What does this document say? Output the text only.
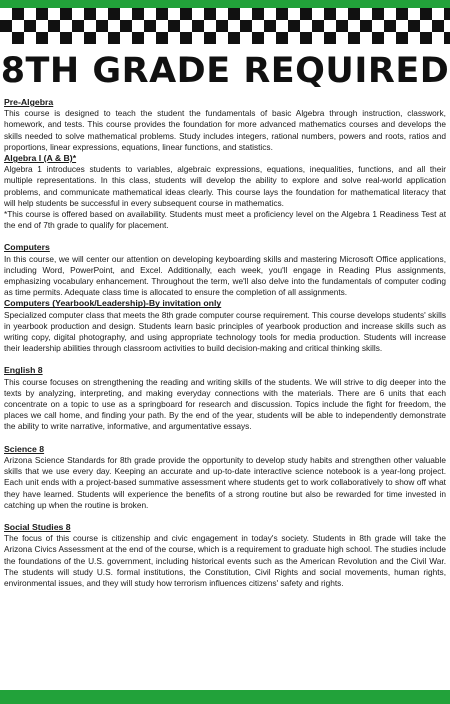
8TH GRADE REQUIRED
Pre-Algebra
This course is designed to teach the student the fundamentals of basic Algebra through instruction, classwork, homework, and tests. This course provides the foundation for more advanced mathematics courses and develops the skills needed to solve mathematical problems. Study includes integers, rational numbers, powers and roots, ratios and proportions, linear expressions, equations, linear functions, and statistics.
Algebra I (A & B)*
Algebra 1 introduces students to variables, algebraic expressions, equations, inequalities, functions, and all their multiple representations. In this class, students will develop the ability to explore and solve real-world application problems, and communicate mathematical ideas clearly. This course lays the foundation for mathematical literacy that will help students be successful in every subsequent course in mathematics.
*This course is offered based on availability. Students must meet a proficiency level on the Algebra 1 Readiness Test at the end of 7th grade to qualify for placement.
Computers
In this course, we will center our attention on developing keyboarding skills and mastering Microsoft Office applications, including Word, PowerPoint, and Excel. Additionally, each week, you'll engage in Reading Plus assignments, emphasizing vocabulary enhancement. Throughout the term, we'll also delve into the fundamentals of computer coding as time permits. Adequate class time is allocated to ensure the completion of all assignments.
Computers (Yearbook/Leadership)-By invitation only
Specialized computer class that meets the 8th grade computer course requirement. This course develops students' skills in yearbook production and design. Students learn basic principles of yearbook production and increase skills such as writing copy, digital photography, and using appropriate technology tools for media production. Students will increase their leadership abilities through classroom activities to build decision-making and critical thinking skills.
English 8
This course focuses on strengthening the reading and writing skills of the students. We will strive to dig deeper into the texts by analyzing, interpreting, and making everyday connections with the materials. There are 6 units that each concentrate on a topic to use as a springboard for research and discussion. Topics include the fight for freedom, the places we call home, and finding your path. By the end of the year, students will be able to independently demonstrate the ability to write narrative, informative, and argumentative essays.
Science 8
Arizona Science Standards for 8th grade provide the opportunity to develop study habits and strengthen other valuable skills that we use every day. Keeping an accurate and up-to-date interactive science notebook is a year-long project. Each unit ends with a project-based summative assessment where students get to work collaboratively to show off what they have learned. Students will experience the benefits of a strong routine but also be rewarded for time invested in catching up when the routine is broken.
Social Studies 8
The focus of this course is citizenship and civic engagement in today's society. Students in 8th grade will take the Arizona Civics Assessment at the end of the course, which is a requirement to graduate high school. The studies include the foundations of the U.S. government, including historical events such as the American Revolution and the Civil War. The students will study U.S. formal institutions, the Constitution, Civil Rights and social movements, human rights, environmental issues, and they will study how terrorism influences citizens' safety and rights.
